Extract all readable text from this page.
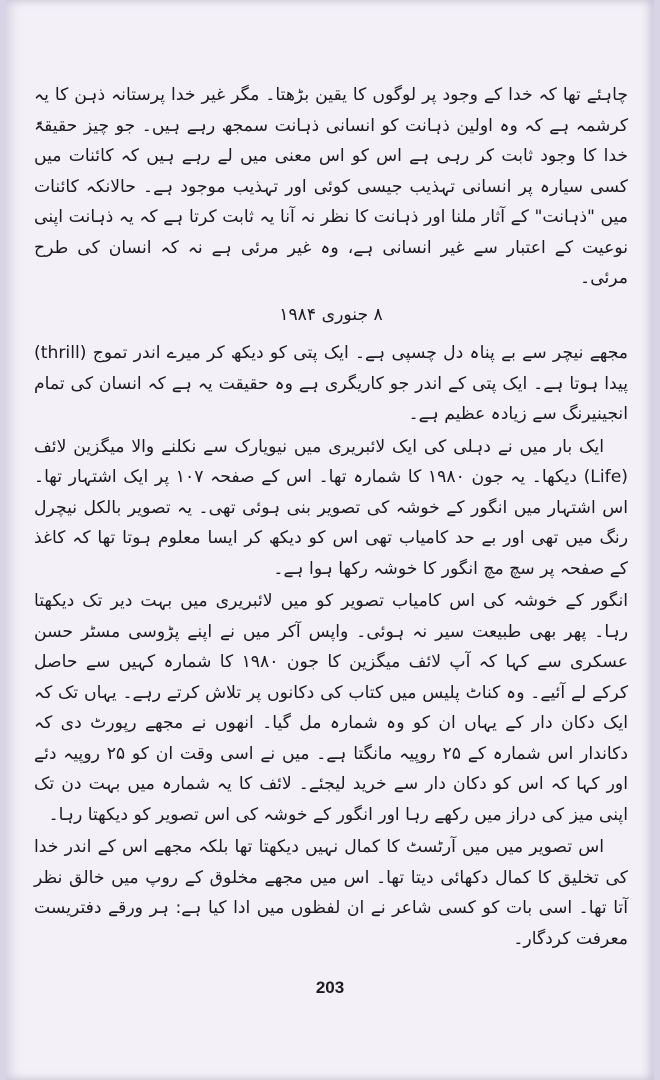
چاہئے تھا کہ خدا کے وجود پر لوگوں کا یقین بڑھتا۔ مگر غیر خدا پرستانہ ذہن کا یہ کرشمہ ہے کہ وہ اولین ذہانت کو انسانی ذہانت سمجھ رہے ہیں۔ جو چیز حقیقۃً خدا کا وجود ثابت کر رہی ہے اس کو اس معنی میں لے رہے ہیں کہ کائنات میں کسی سیارہ پر انسانی تہذیب جیسی کوئی اور تہذیب موجود ہے۔ حالانکہ کائنات میں "ذہانت" کے آثار ملنا اور ذہانت کا نظر نہ آنا یہ ثابت کرتا ہے کہ یہ ذہانت اپنی نوعیت کے اعتبار سے غیر انسانی ہے، وہ غیر مرئی ہے نہ کہ انسان کی طرح مرئی۔

۸ جنوری ۱۹۸۴

مجھے نیچر سے بے پناہ دل چسپی ہے۔ ایک پتی کو دیکھ کر میرے اندر تموج (thrill) پیدا ہوتا ہے۔ ایک پتی کے اندر جو کاریگری ہے وہ حقیقت یہ ہے کہ انسان کی تمام انجینیرنگ سے زیادہ عظیم ہے۔

ایک بار میں نے دہلی کی ایک لائبریری میں نیویارک سے نکلنے والا میگزین لائف (Life) دیکھا۔ یہ جون ۱۹۸۰ کا شمارہ تھا۔ اس کے صفحہ ۱۰۷ پر ایک اشتہار تھا۔ اس اشتہار میں انگور کے خوشہ کی تصویر بنی ہوئی تھی۔ یہ تصویر بالکل نیچرل رنگ میں تھی اور بے حد کامیاب تھی اس کو دیکھ کر ایسا معلوم ہوتا تھا کہ کاغذ کے صفحہ پر سچ مچ انگور کا خوشہ رکھا ہوا ہے۔

انگور کے خوشہ کی اس کامیاب تصویر کو میں لائبریری میں بہت دیر تک دیکھتا رہا۔ پھر بھی طبیعت سیر نہ ہوئی۔ واپس آکر میں نے اپنے پڑوسی مسٹر حسن عسکری سے کہا کہ آپ لائف میگزین کا جون ۱۹۸۰ کا شمارہ کہیں سے حاصل کرکے لے آئیے۔ وہ کناٹ پلیس میں کتاب کی دکانوں پر تلاش کرتے رہے۔ یہاں تک کہ ایک دکان دار کے یہاں ان کو وہ شمارہ مل گیا۔ انھوں نے مجھے رپورٹ دی کہ دکاندار اس شمارہ کے ۲۵ روپیہ مانگتا ہے۔ میں نے اسی وقت ان کو ۲۵ روپیہ دئے اور کہا کہ اس کو دکان دار سے خرید لیجئے۔ لائف کا یہ شمارہ میں بہت دن تک اپنی میز کی دراز میں رکھے رہا اور انگور کے خوشہ کی اس تصویر کو دیکھتا رہا۔

اس تصویر میں میں آرٹسٹ کا کمال نہیں دیکھتا تھا بلکہ مجھے اس کے اندر خدا کی تخلیق کا کمال دکھائی دیتا تھا۔ اس میں مجھے مخلوق کے روپ میں خالق نظر آتا تھا۔ اسی بات کو کسی شاعر نے ان لفظوں میں ادا کیا ہے: ہر ورقے دفتریست معرفت کردگار۔

203
